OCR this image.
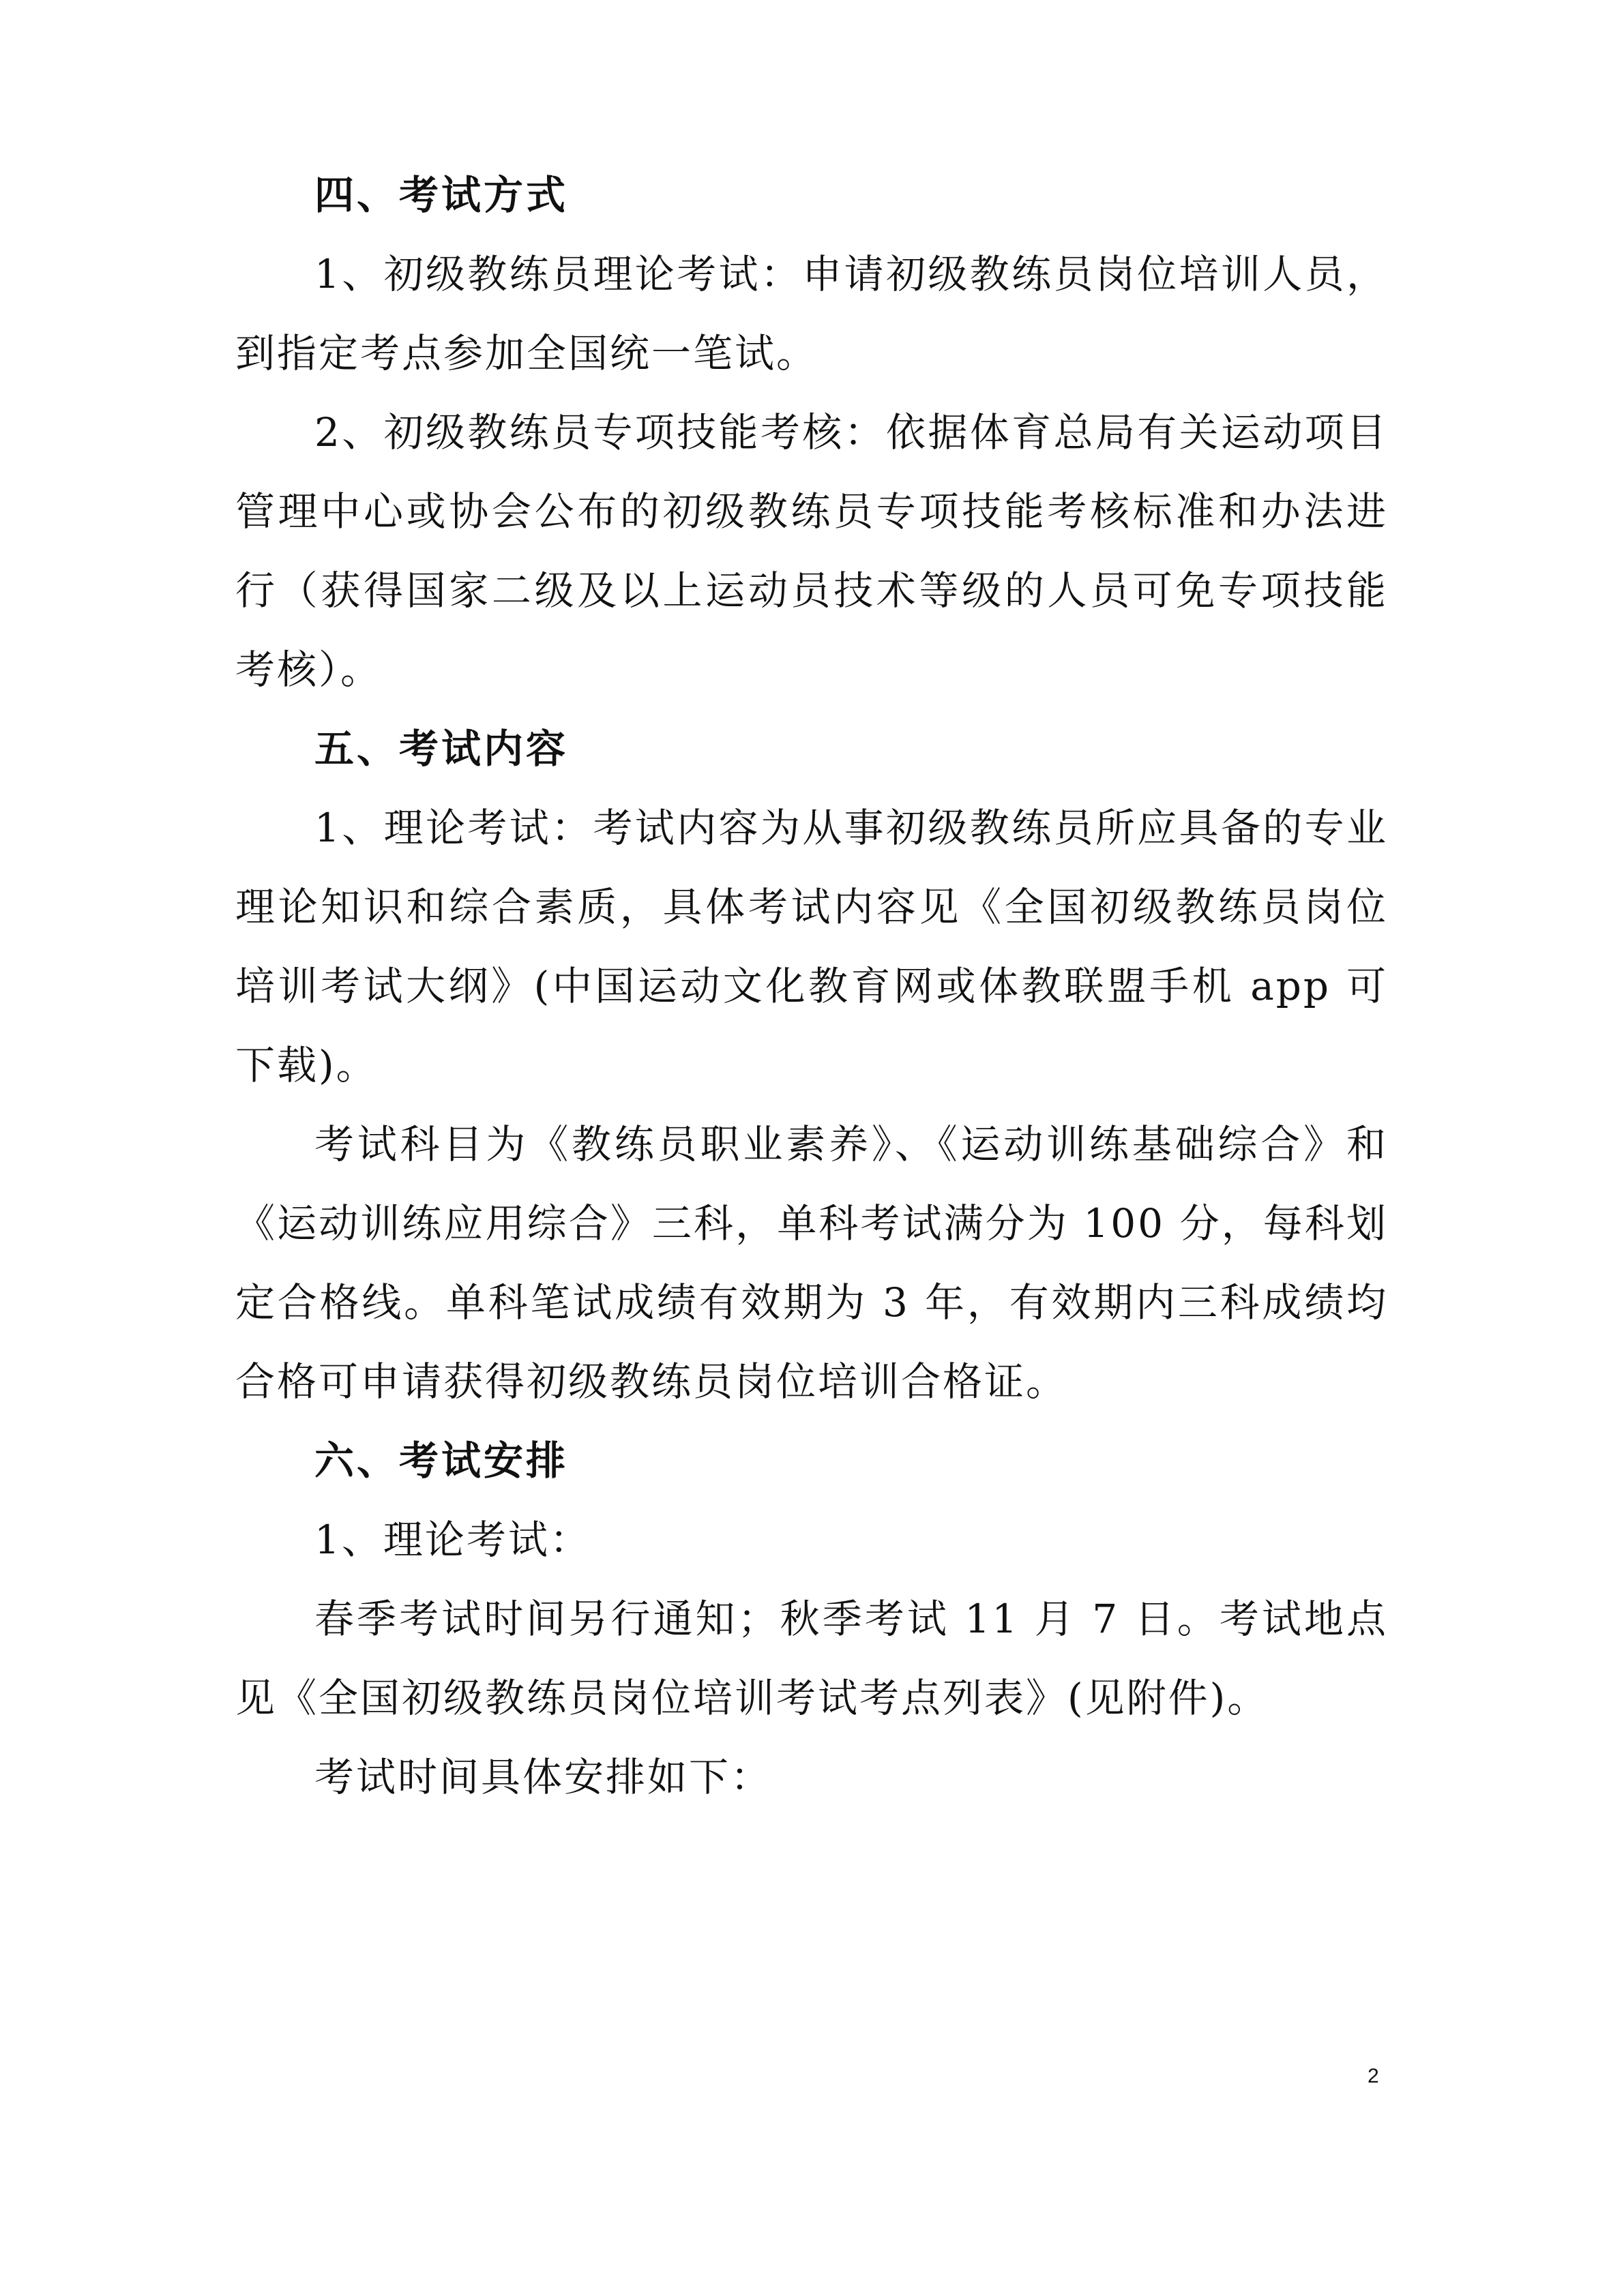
四、考试方式

1、初级教练员理论考试：申请初级教练员岗位培训人员，到指定考点参加全国统一笔试。

2、初级教练员专项技能考核：依据体育总局有关运动项目管理中心或协会公布的初级教练员专项技能考核标准和办法进行（获得国家二级及以上运动员技术等级的人员可免专项技能考核）。

五、考试内容

1、理论考试：考试内容为从事初级教练员所应具备的专业理论知识和综合素质，具体考试内容见《全国初级教练员岗位培训考试大纲》(中国运动文化教育网或体教联盟手机 app 可下载)。

考试科目为《教练员职业素养》、《运动训练基础综合》和《运动训练应用综合》三科，单科考试满分为 100 分，每科划定合格线。单科笔试成绩有效期为 3 年，有效期内三科成绩均合格可申请获得初级教练员岗位培训合格证。

六、考试安排

1、理论考试：

春季考试时间另行通知；秋季考试 11 月 7 日。考试地点见《全国初级教练员岗位培训考试考点列表》(见附件)。

考试时间具体安排如下：

2
